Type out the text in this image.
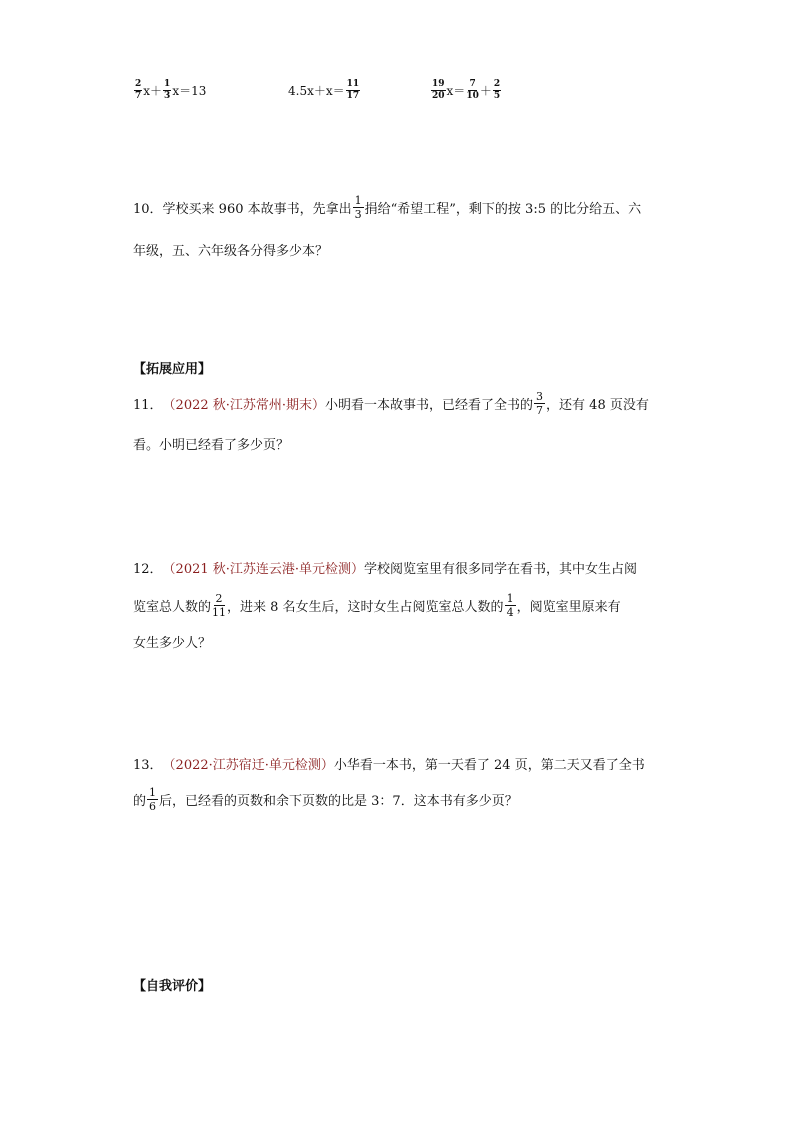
$\frac{2}{7} x+ \frac{1}{3} x=13$	$4.5x+x= \frac{11}{17}$	$\frac{19}{20} x= \frac{7}{10} + \frac{2}{5}$
10．学校买来 960 本故事书，先拿出 $\frac{1}{3}$ 捐给“希望工程”，剩下的按 3:5 的比分给五、六
年级，五、六年级各分得多少本？
【拓展应用】
11． （2022 秋·江苏常州·期末） 小明看一本故事书，已经看了全书的 $\frac{3}{7}$ ，还有 48 页没有
看。小明已经看了多少页？
12． （2021 秋·江苏连云港·单元检测） 学校阅览室里有很多同学在看书，其中女生占阅
览室总人数的 $\frac{2}{11}$ ，进来 8 名女生后，这时女生占阅览室总人数的 $\frac{1}{4}$ ，阅览室里原来有
女生多少人？
13． （2022·江苏宿迁·单元检测） 小华看一本书，第一天看了 24 页，第二天又看了全书
的 $\frac{1}{6}$ 后，已经看的页数和余下页数的比是 3：7．这本书有多少页？
【自我评价】
